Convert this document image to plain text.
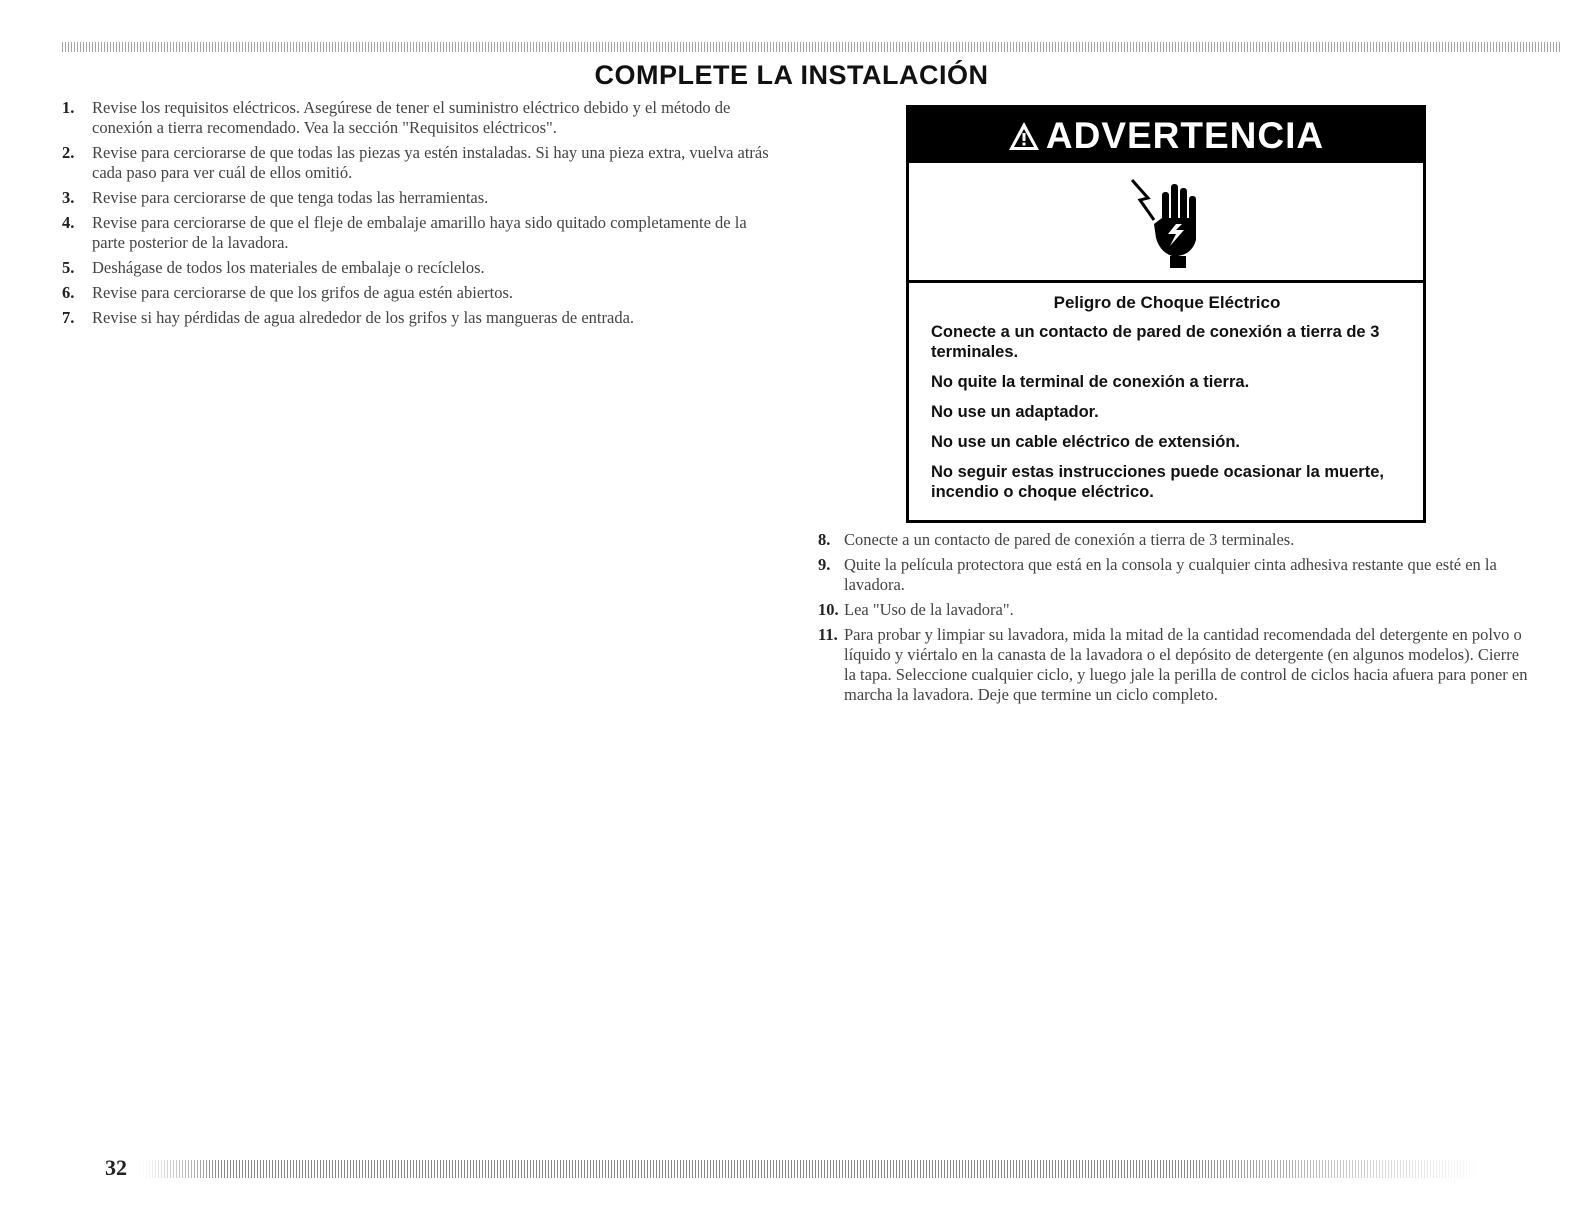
COMPLETE LA INSTALACIÓN
1.	Revise los requisitos eléctricos. Asegúrese de tener el suministro eléctrico debido y el método de conexión a tierra recomendado. Vea la sección "Requisitos eléctricos".
2.	Revise para cerciorarse de que todas las piezas ya estén instaladas. Si hay una pieza extra, vuelva atrás cada paso para ver cuál de ellos omitió.
3.	Revise para cerciorarse de que tenga todas las herramientas.
4.	Revise para cerciorarse de que el fleje de embalaje amarillo haya sido quitado completamente de la parte posterior de la lavadora.
5.	Deshágase de todos los materiales de embalaje o recíclelos.
6.	Revise para cerciorarse de que los grifos de agua estén abiertos.
7.	Revise si hay pérdidas de agua alrededor de los grifos y las mangueras de entrada.
ADVERTENCIA
Peligro de Choque Eléctrico
Conecte a un contacto de pared de conexión a tierra de 3 terminales.
No quite la terminal de conexión a tierra.
No use un adaptador.
No use un cable eléctrico de extensión.
No seguir estas instrucciones puede ocasionar la muerte, incendio o choque eléctrico.
8. Conecte a un contacto de pared de conexión a tierra de 3 terminales.
9. Quite la película protectora que está en la consola y cualquier cinta adhesiva restante que esté en la lavadora.
10. Lea "Uso de la lavadora".
11. Para probar y limpiar su lavadora, mida la mitad de la cantidad recomendada del detergente en polvo o líquido y viértalo en la canasta de la lavadora o el depósito de detergente (en algunos modelos). Cierre la tapa. Seleccione cualquier ciclo, y luego jale la perilla de control de ciclos hacia afuera para poner en marcha la lavadora. Deje que termine un ciclo completo.
32
